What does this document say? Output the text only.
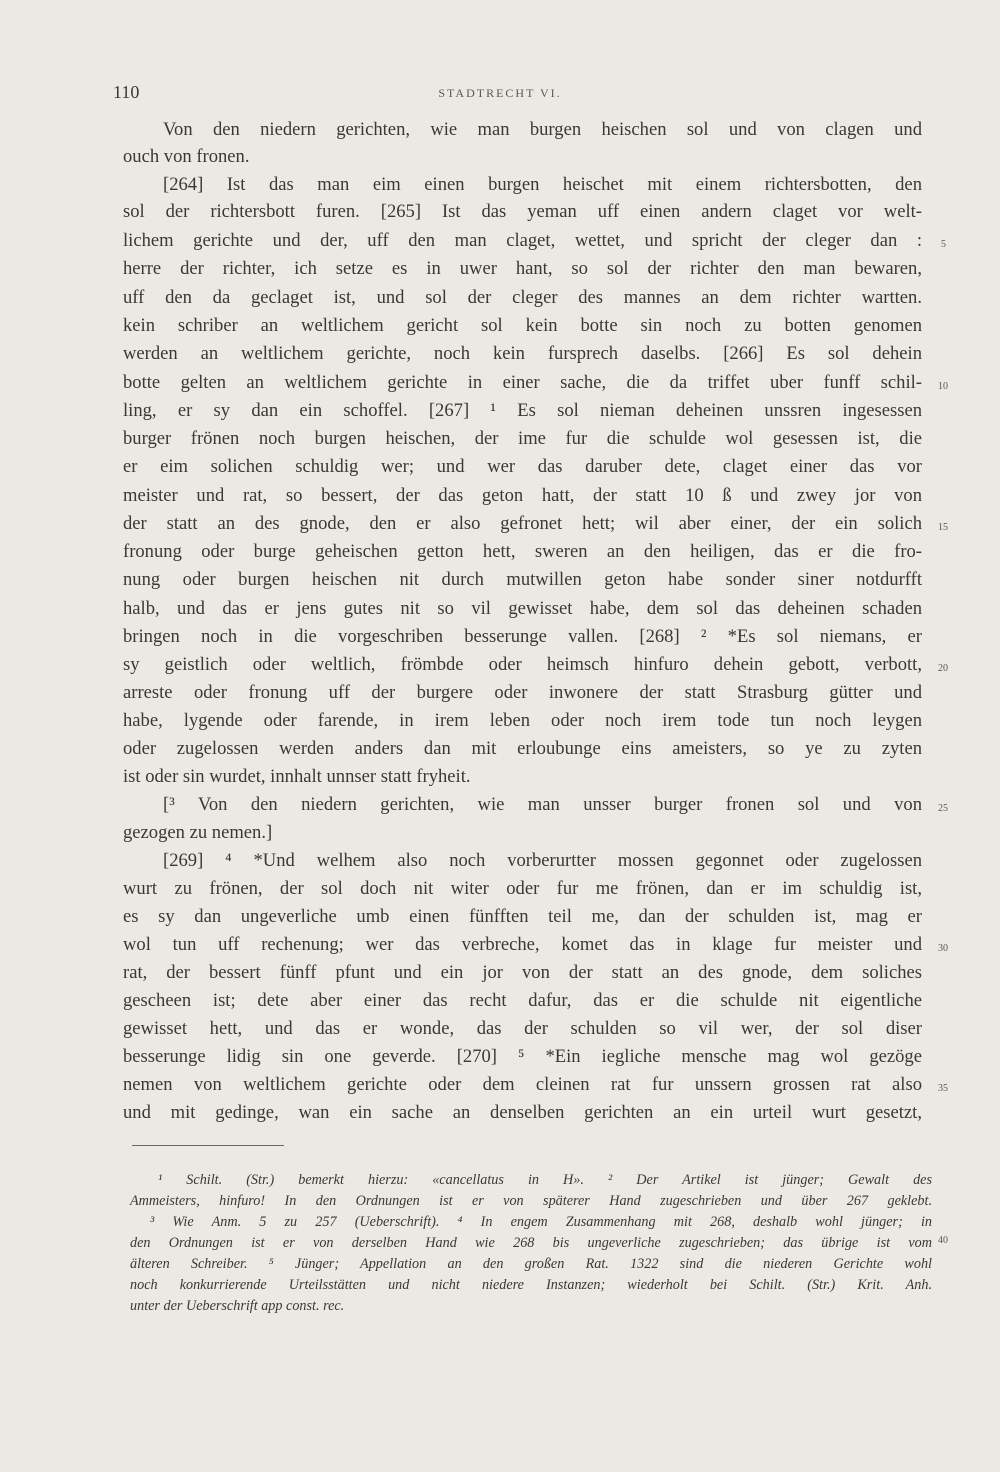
110	STADTRECHT VI.
Von den niedern gerichten, wie man burgen heischen sol und von clagen und
ouch von fronen.
[264] Ist das man eim einen burgen heischet mit einem richtersbotten, den
sol der richtersbott furen. [265] Ist das yeman uff einen andern claget vor welt-
lichem gerichte und der, uff den man claget, wettet, und spricht der cleger dan :
herre der richter, ich setze es in uwer hant, so sol der richter den man bewaren,
uff den da geclaget ist, und sol der cleger des mannes an dem richter wartten.
kein schriber an weltlichem gericht sol kein botte sin noch zu botten genomen
werden an weltlichem gerichte, noch kein fursprech daselbs. [266] Es sol dehein
botte gelten an weltlichem gerichte in einer sache, die da triffet uber funff schil-
ling, er sy dan ein schoffel. [267] ¹ Es sol nieman deheinen unssren ingesessen
burger frönen noch burgen heischen, der ime fur die schulde wol gesessen ist, die
er eim solichen schuldig wer; und wer das daruber dete, claget einer das vor
meister und rat, so bessert, der das geton hatt, der statt 10 ß und zwey jor von
der statt an des gnode, den er also gefronet hett; wil aber einer, der ein solich
fronung oder burge geheischen getton hett, sweren an den heiligen, das er die fro-
nung oder burgen heischen nit durch mutwillen geton habe sonder siner notdurfft
halb, und das er jens gutes nit so vil gewisset habe, dem sol das deheinen schaden
bringen noch in die vorgeschriben besserunge vallen. [268] ² *Es sol niemans, er
sy geistlich oder weltlich, frömbde oder heimsch hinfuro dehein gebott, verbott,
arreste oder fronung uff der burgere oder inwonere der statt Strasburg gütter und
habe, lygende oder farende, in irem leben oder noch irem tode tun noch leygen
oder zugelossen werden anders dan mit erloubunge eins ameisters, so ye zu zyten
ist oder sin wurdet, innhalt unnser statt fryheit.
[³ Von den niedern gerichten, wie man unsser burger fronen sol und von
gezogen zu nemen.]
[269] ⁴ *Und welhem also noch vorberurtter mossen gegonnet oder zugelossen
wurt zu frönen, der sol doch nit witer oder fur me frönen, dan er im schuldig ist,
es sy dan ungeverliche umb einen fünfften teil me, dan der schulden ist, mag er
wol tun uff rechenung; wer das verbreche, komet das in klage fur meister und
rat, der bessert fünff pfunt und ein jor von der statt an des gnode, dem soliches
gescheen ist; dete aber einer das recht dafur, das er die schulde nit eigentliche
gewisset hett, und das er wonde, das der schulden so vil wer, der sol diser
besserunge lidig sin one geverde. [270] ⁵ *Ein iegliche mensche mag wol gezöge
nemen von weltlichem gerichte oder dem cleinen rat fur unssern grossen rat also
und mit gedinge, wan ein sache an denselben gerichten an ein urteil wurt gesetzt,
5
10
15
20
25
30
35
¹ Schilt. (Str.) bemerkt hierzu: «cancellatus in H». ² Der Artikel ist jünger; Gewalt des
Ammeisters, hinfuro! In den Ordnungen ist er von späterer Hand zugeschrieben und über 267 geklebt.
³ Wie Anm. 5 zu 257 (Ueberschrift). ⁴ In engem Zusammenhang mit 268, deshalb wohl jünger; in
den Ordnungen ist er von derselben Hand wie 268 bis ungeverliche zugeschrieben; das übrige ist vom
älteren Schreiber. ⁵ Jünger; Appellation an den großen Rat. 1322 sind die niederen Gerichte wohl
noch konkurrierende Urteilsstätten und nicht niedere Instanzen; wiederholt bei Schilt. (Str.) Krit. Anh.
unter der Ueberschrift app const. rec.
40
